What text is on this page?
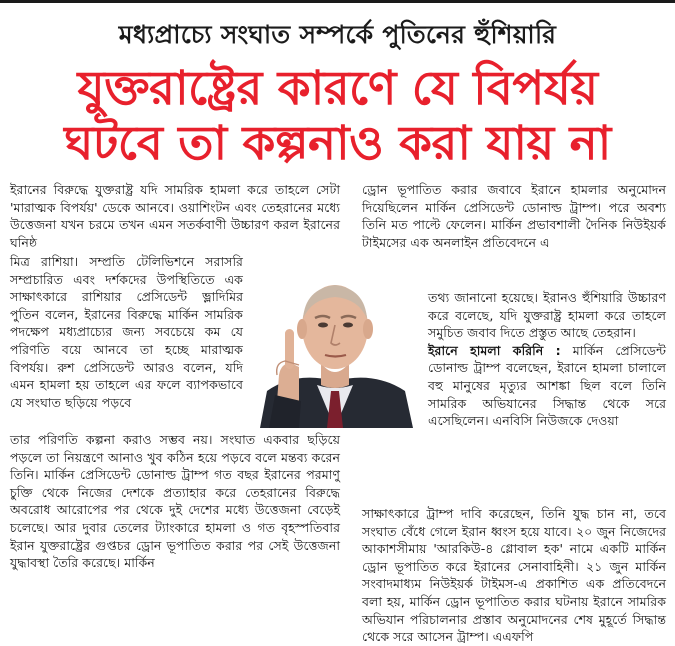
মধ্যপ্রাচ্যে সংঘাত সম্পর্কে পুতিনের হুঁশিয়ারি
যুক্তরাষ্ট্রের কারণে যে বিপর্যয়
ঘটবে তা কল্পনাও করা যায় না

ইরানের বিরুদ্ধে যুক্তরাষ্ট্র যদি সামরিক হামলা করে তাহলে সেটা 'মারাত্মক বিপর্যয়' ডেকে আনবে। ওয়াশিংটন এবং তেহরানের মধ্যে উত্তেজনা যখন চরমে তখন এমন সতর্কবাণী উচ্চারণ করল ইরানের ঘনিষ্ঠ

মিত্র রাশিয়া। সম্প্রতি টেলিভিশনে সরাসরি সম্প্রচারিত এবং দর্শকদের উপস্থিতিতে এক সাক্ষাৎকারে রাশিয়ার প্রেসিডেন্ট ভ্লাদিমির পুতিন বলেন, ইরানের বিরুদ্ধে মার্কিন সামরিক পদক্ষেপ মধ্যপ্রাচ্যের জন্য সবচেয়ে কম যে পরিণতি বয়ে আনবে তা হচ্ছে মারাত্মক বিপর্যয়। রুশ প্রেসিডেন্ট আরও বলেন, যদি এমন হামলা হয় তাহলে এর ফলে ব্যাপকভাবে যে সংঘাত ছড়িয়ে পড়বে

তার পরিণতি কল্পনা করাও সম্ভব নয়। সংঘাত একবার ছড়িয়ে পড়লে তা নিয়ন্ত্রণে আনাও খুব কঠিন হয়ে পড়বে বলে মন্তব্য করেন তিনি। মার্কিন প্রেসিডেন্ট ডোনাল্ড ট্রাম্প গত বছর ইরানের পরমাণু চুক্তি থেকে নিজের দেশকে প্রত্যাহার করে তেহরানের বিরুদ্ধে অবরোধ আরোপের পর থেকে দুই দেশের মধ্যে উত্তেজনা বেড়েই চলেছে। আর দুবার তেলের ট্যাংকারে হামলা ও গত বৃহস্পতিবার ইরান যুক্তরাষ্ট্রের গুপ্তচর ড্রোন ভূপাতিত করার পর সেই উত্তেজনা যুদ্ধাবস্থা তৈরি করেছে। মার্কিন

ড্রোন ভূপাতিত করার জবাবে ইরানে হামলার অনুমোদন দিয়েছিলেন মার্কিন প্রেসিডেন্ট ডোনাল্ড ট্রাম্প। পরে অবশ্য তিনি মত পাল্টে ফেলেন। মার্কিন প্রভাবশালী দৈনিক নিউইয়র্ক টাইমসের এক অনলাইন প্রতিবেদনে এ

তথ্য জানানো হয়েছে। ইরানও হুঁশিয়ারি উচ্চারণ করে বলেছে, যদি যুক্তরাষ্ট্র হামলা করে তাহলে সমুচিত জবাব দিতে প্রস্তুত আছে তেহরান।

ইরানে হামলা করিনি : মার্কিন প্রেসিডেন্ট ডোনাল্ড ট্রাম্প বলেছেন, ইরানে হামলা চালালে বহু মানুষের মৃত্যুর আশঙ্কা ছিল বলে তিনি সামরিক অভিযানের সিদ্ধান্ত থেকে সরে এসেছিলেন। এনবিসি নিউজকে দেওয়া

সাক্ষাৎকারে ট্রাম্প দাবি করেছেন, তিনি যুদ্ধ চান না, তবে সংঘাত বেঁধে গেলে ইরান ধ্বংস হয়ে যাবে। ২০ জুন নিজেদের আকাশসীমায় 'আরকিউ-৪ গ্লোবাল হক' নামে একটি মার্কিন ড্রোন ভূপাতিত করে ইরানের সেনাবাহিনী। ২১ জুন মার্কিন সংবাদমাধ্যম নিউইয়র্ক টাইমস-এ প্রকাশিত এক প্রতিবেদনে বলা হয়, মার্কিন ড্রোন ভূপাতিত করার ঘটনায় ইরানে সামরিক অভিযান পরিচালনার প্রস্তাব অনুমোদনের শেষ মুহূর্তে সিদ্ধান্ত থেকে সরে আসেন ট্রাম্প। এএফপি
